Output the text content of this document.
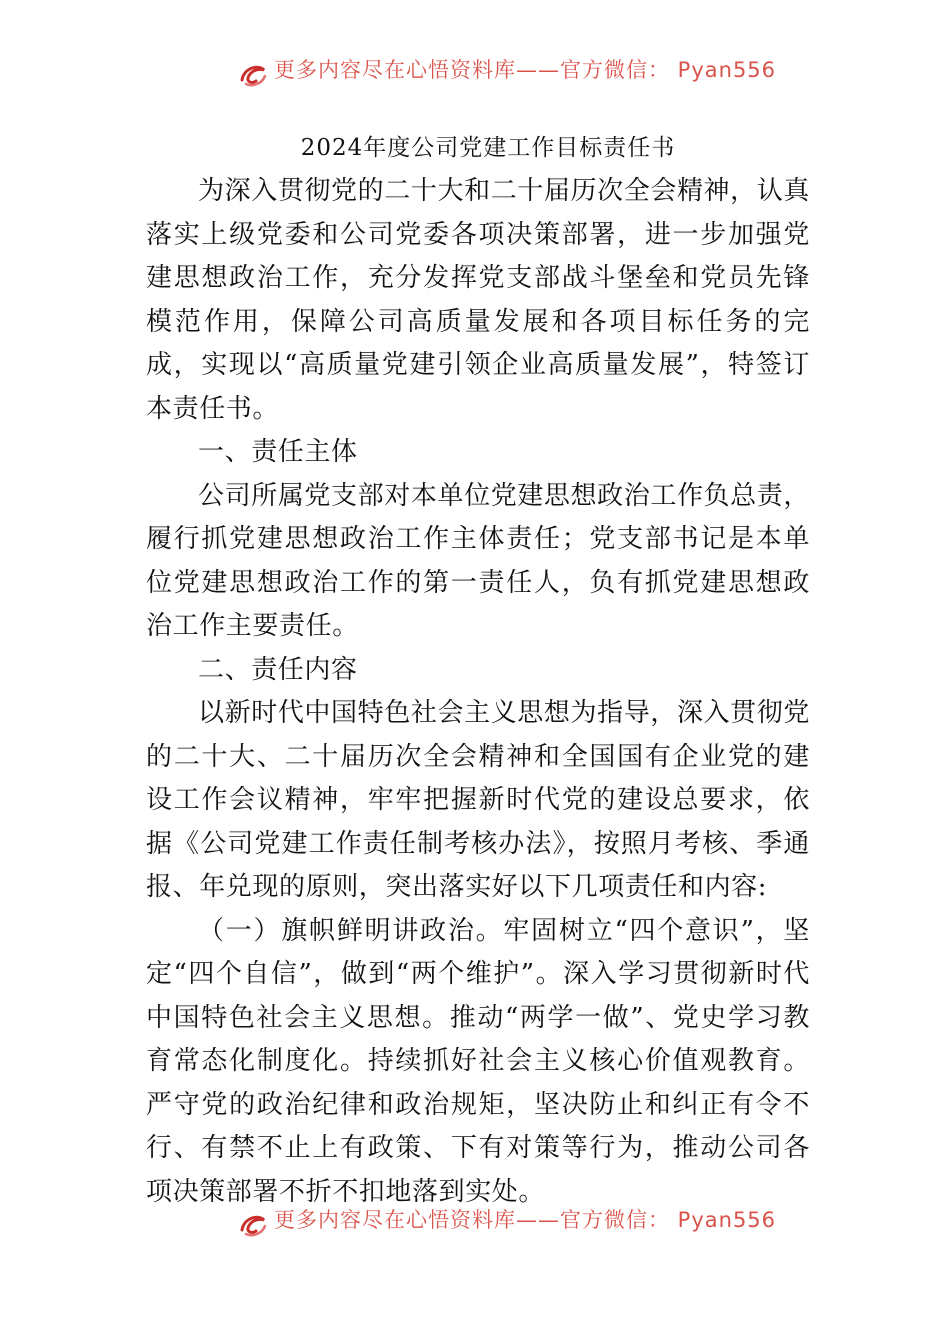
更多内容尽在心悟资料库——官方微信： Pyan556
2024年度公司党建工作目标责任书

为深入贯彻党的二十大和二十届历次全会精神，认真落实上级党委和公司党委各项决策部署，进一步加强党建思想政治工作，充分发挥党支部战斗堡垒和党员先锋模范作用，保障公司高质量发展和各项目标任务的完成，实现以“高质量党建引领企业高质量发展”，特签订本责任书。

一、责任主体

公司所属党支部对本单位党建思想政治工作负总责，履行抓党建思想政治工作主体责任；党支部书记是本单位党建思想政治工作的第一责任人，负有抓党建思想政治工作主要责任。

二、责任内容

以新时代中国特色社会主义思想为指导，深入贯彻党的二十大、二十届历次全会精神和全国国有企业党的建设工作会议精神，牢牢把握新时代党的建设总要求，依据《公司党建工作责任制考核办法》，按照月考核、季通报、年兑现的原则，突出落实好以下几项责任和内容:

（一）旗帜鲜明讲政治。牢固树立“四个意识”，坚定“四个自信”，做到“两个维护”。深入学习贯彻新时代中国特色社会主义思想。推动“两学一做”、党史学习教育常态化制度化。持续抓好社会主义核心价值观教育。严守党的政治纪律和政治规矩，坚决防止和纠正有令不行、有禁不止上有政策、下有对策等行为，推动公司各项决策部署不折不扣地落到实处。

更多内容尽在心悟资料库——官方微信： Pyan556
